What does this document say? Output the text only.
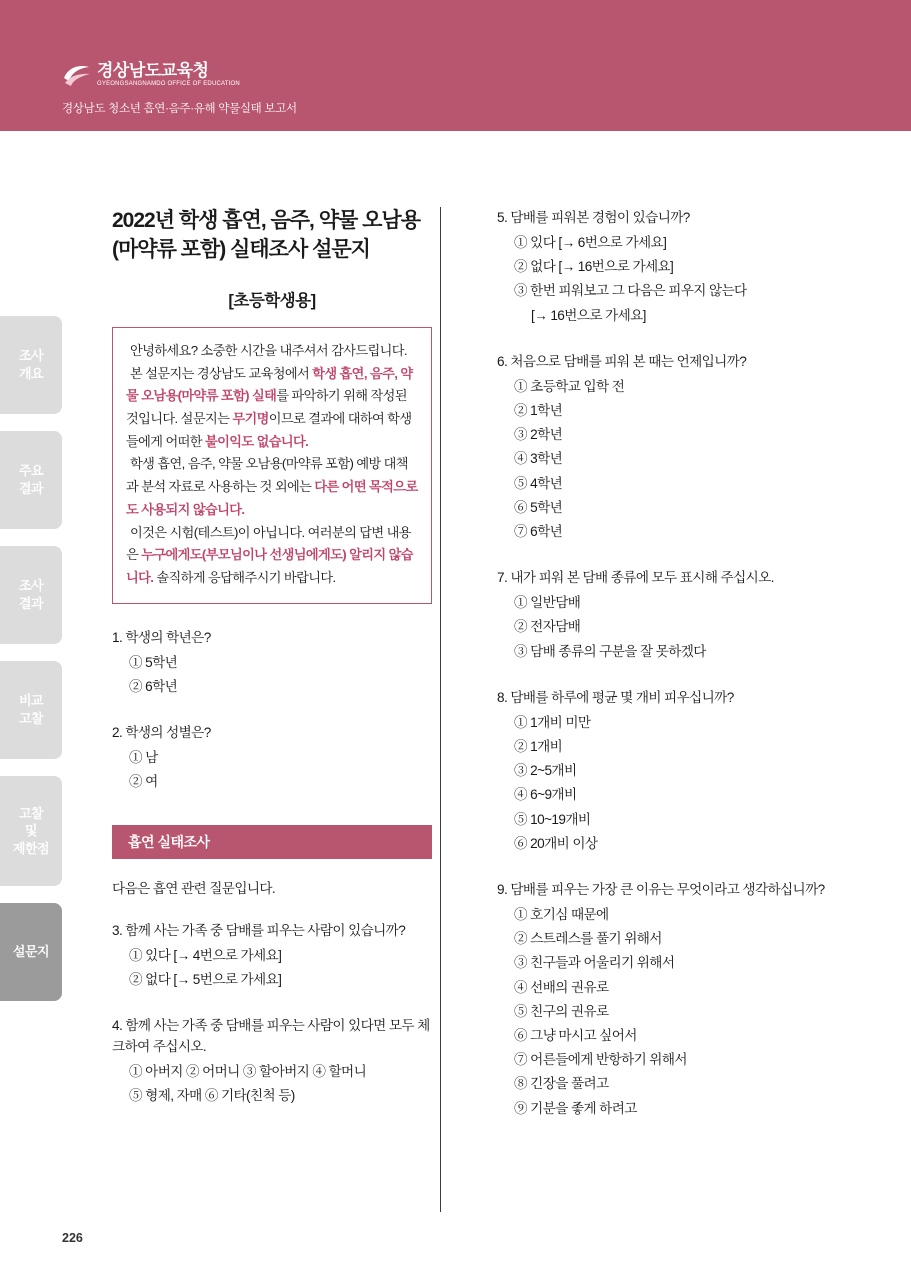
경상남도교육청
GYEONGSANGNAMDO OFFICE OF EDUCATION
경상남도 청소년 흡연·음주·유해 약물실태 보고서
조사
개요
주요
결과
조사
결과
비교
고찰
고찰
및
제한점
설문지
2022년 학생 흡연, 음주, 약물 오남용(마약류 포함) 실태조사 설문지
[초등학생용]

안녕하세요? 소중한 시간을 내주셔서 감사드립니다.

본 설문지는 경상남도 교육청에서 학생 흡연, 음주, 약물 오남용(마약류 포함) 실태를 파악하기 위해 작성된 것입니다. 설문지는 무기명이므로 결과에 대하여 학생들에게 어떠한 불이익도 없습니다.

학생 흡연, 음주, 약물 오남용(마약류 포함) 예방 대책과 분석 자료로 사용하는 것 외에는 다른 어떤 목적으로도 사용되지 않습니다.

이것은 시험(테스트)이 아닙니다. 여러분의 답변 내용은 누구에게도(부모님이나 선생님에게도) 알리지 않습니다. 솔직하게 응답해주시기 바랍니다.

1. 학생의 학년은?

① 5학년
② 6학년

2. 학생의 성별은?

① 남
② 여
흡연 실태조사

다음은 흡연 관련 질문입니다.

3. 함께 사는 가족 중 담배를 피우는 사람이 있습니까?

① 있다 [→ 4번으로 가세요]
② 없다 [→ 5번으로 가세요]

4. 함께 사는 가족 중 담배를 피우는 사람이 있다면 모두 체크하여 주십시오.

① 아버지 ② 어머니 ③ 할아버지 ④ 할머니
⑤ 형제, 자매 ⑥ 기타(친척 등)

5. 담배를 피워본 경험이 있습니까?

① 있다 [→ 6번으로 가세요]
② 없다 [→ 16번으로 가세요]
③ 한번 피워보고 그 다음은 피우지 않는다
[→ 16번으로 가세요]

6. 처음으로 담배를 피워 본 때는 언제입니까?

① 초등학교 입학 전
② 1학년
③ 2학년
④ 3학년
⑤ 4학년
⑥ 5학년
⑦ 6학년

7. 내가 피워 본 담배 종류에 모두 표시해 주십시오.

① 일반담배
② 전자담배
③ 담배 종류의 구분을 잘 못하겠다

8. 담배를 하루에 평균 몇 개비 피우십니까?

① 1개비 미만
② 1개비
③ 2~5개비
④ 6~9개비
⑤ 10~19개비
⑥ 20개비 이상

9. 담배를 피우는 가장 큰 이유는 무엇이라고 생각하십니까?

① 호기심 때문에
② 스트레스를 풀기 위해서
③ 친구들과 어울리기 위해서
④ 선배의 권유로
⑤ 친구의 권유로
⑥ 그냥 마시고 싶어서
⑦ 어른들에게 반항하기 위해서
⑧ 긴장을 풀려고
⑨ 기분을 좋게 하려고
226
